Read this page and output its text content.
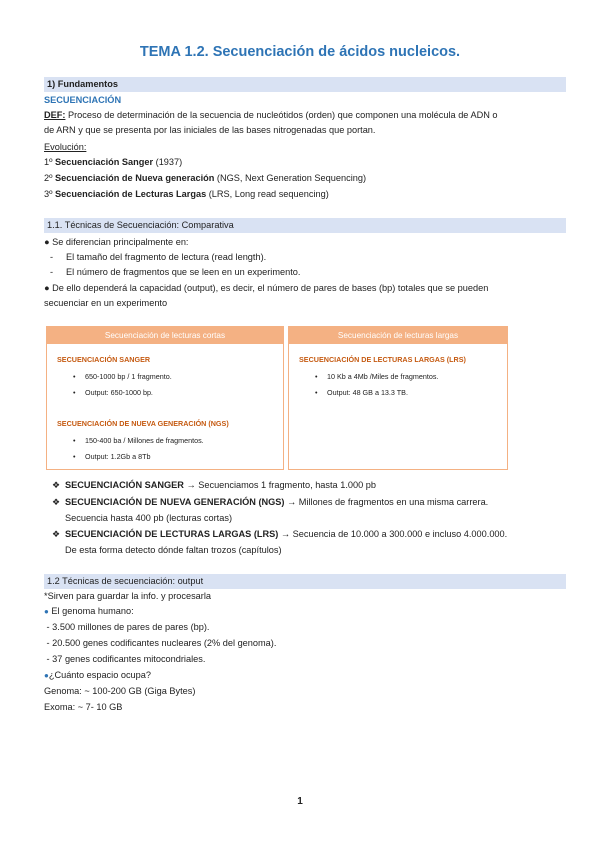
TEMA 1.2. Secuenciación de ácidos nucleicos.
1) Fundamentos
SECUENCIACIÓN
DEF: Proceso de determinación de la secuencia de nucleótidos (orden) que componen una molécula de ADN o
de ARN y que se presenta por las iniciales de las bases nitrogenadas que portan.
Evolución:
1º Secuenciación Sanger (1937)
2º Secuenciación de Nueva generación (NGS, Next Generation Sequencing)
3º Secuenciación de Lecturas Largas (LRS, Long read sequencing)
1.1. Técnicas de Secuenciación: Comparativa
● Se diferencian principalmente en:
- El tamaño del fragmento de lectura (read length).
- El número de fragmentos que se leen en un experimento.
● De ello dependerá la capacidad (output), es decir, el número de pares de bases (bp) totales que se pueden
secuenciar en un experimento
Secuenciación de lecturas cortas
SECUENCIACIÓN SANGER
• 650-1000 bp / 1 fragmento.
• Output: 650-1000 bp.
SECUENCIACIÓN DE NUEVA GENERACIÓN (NGS)
• 150-400 ba / Millones de fragmentos.
• Output: 1.2Gb a 8Tb
Secuenciación de lecturas largas
SECUENCIACIÓN DE LECTURAS LARGAS (LRS)
• 10 Kb a 4Mb /Miles de fragmentos.
• Output: 48 GB a 13.3 TB.
❖ SECUENCIACIÓN SANGER → Secuenciamos 1 fragmento, hasta 1.000 pb
❖ SECUENCIACIÓN DE NUEVA GENERACIÓN (NGS) → Millones de fragmentos en una misma carrera.
Secuencia hasta 400 pb (lecturas cortas)
❖ SECUENCIACIÓN DE LECTURAS LARGAS (LRS) → Secuencia de 10.000 a 300.000 e incluso 4.000.000.
De esta forma detecto dónde faltan trozos (capítulos)
1.2 Técnicas de secuenciación: output
*Sirven para guardar la info. y procesarla
● El genoma humano:
- 3.500 millones de pares de pares (bp).
- 20.500 genes codificantes nucleares (2% del genoma).
- 37 genes codificantes mitocondriales.
●¿Cuánto espacio ocupa?
Genoma: ~ 100-200 GB (Giga Bytes)
Exoma: ~ 7- 10 GB
1
